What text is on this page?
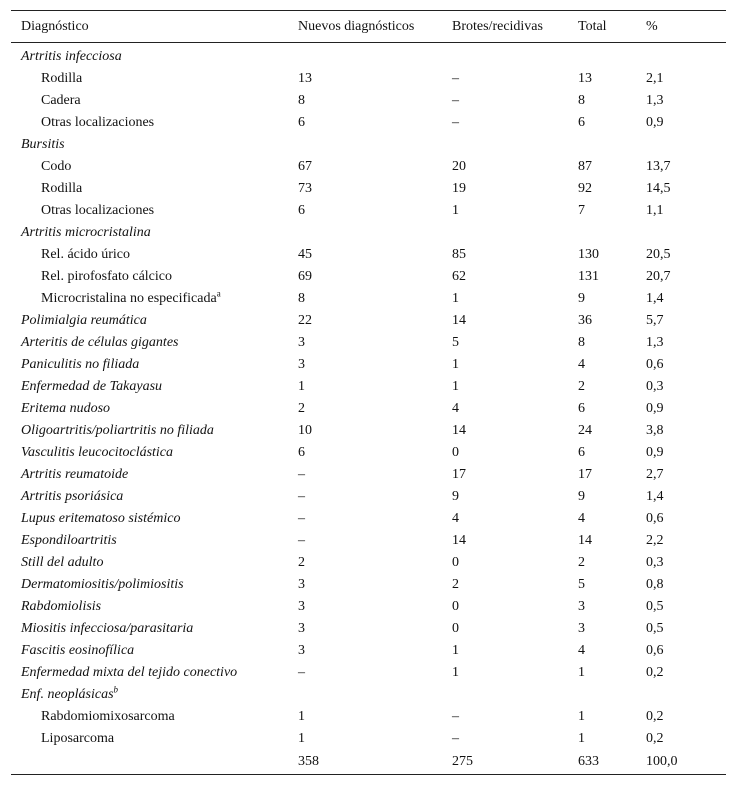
Diagnóstico	Nuevos diagnósticos	Brotes/recidivas	Total	%
Artritis infecciosa				
Rodilla	13	–	13	2,1
Cadera	8	–	8	1,3
Otras localizaciones	6	–	6	0,9
Bursitis				
Codo	67	20	87	13,7
Rodilla	73	19	92	14,5
Otras localizaciones	6	1	7	1,1
Artritis microcristalina				
Rel. ácido úrico	45	85	130	20,5
Rel. pirofosfato cálcico	69	62	131	20,7
Microcristalina no especificada$^a$	8	1	9	1,4
Polimialgia reumática	22	14	36	5,7
Arteritis de células gigantes	3	5	8	1,3
Paniculitis no filiada	3	1	4	0,6
Enfermedad de Takayasu	1	1	2	0,3
Eritema nudoso	2	4	6	0,9
Oligoartritis/poliartritis no filiada	10	14	24	3,8
Vasculitis leucocitoclástica	6	0	6	0,9
Artritis reumatoide	–	17	17	2,7
Artritis psoriásica	–	9	9	1,4
Lupus eritematoso sistémico	–	4	4	0,6
Espondiloartritis	–	14	14	2,2
Still del adulto	2	0	2	0,3
Dermatomiositis/polimiositis	3	2	5	0,8
Rabdomiolisis	3	0	3	0,5
Miositis infecciosa/parasitaria	3	0	3	0,5
Fascitis eosinofílica	3	1	4	0,6
Enfermedad mixta del tejido conectivo	–	1	1	0,2
Enf. neoplásicas$^b$				
Rabdomiomixosarcoma	1	–	1	0,2
Liposarcoma	1	–	1	0,2
	358	275	633	100,0
